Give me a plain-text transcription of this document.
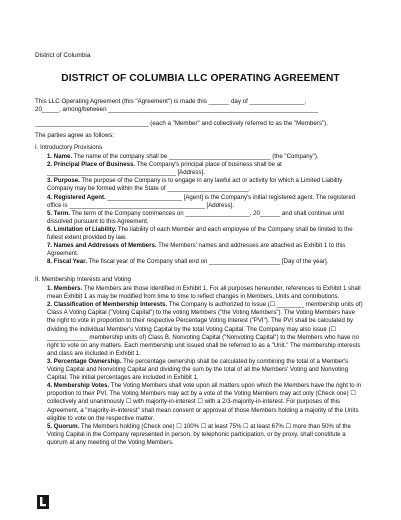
District of Columbia
DISTRICT OF COLUMBIA LLC OPERATING AGREEMENT

This LLC Operating Agreement (this "Agreement") is made this ______ day of ________________,

20_____, among/between _____________________________________________________________

_________________________________ (each a "Member" and collectively referred to as the "Members").

The parties agree as follows:

I. Introductory Provisions

1. Name. The name of the company shall be ______________________________ (the "Company").

2. Principal Place of Business. The Company's principal place of business shall be at ______________________________________ [Address].

3. Purpose. The purpose of the Company is to engage in any lawful act or activity for which a Limited Liability Company may be formed within the State of ________________________.

4. Registered Agent. ______________________ [Agent] is the Company's initial registered agent. The registered office is ________________________________________ [Address].

5. Term. The term of the Company commences on ___________________, 20______ and shall continue until dissolved pursuant to this Agreement.

6. Limitation of Liability. The liability of each Member and each employee of the Company shall be limited to the fullest extent provided by law.

7. Names and Addresses of Members. The Members' names and addresses are attached as Exhibit 1 to this Agreement.

8. Fiscal Year. The fiscal year of the Company shall end on _____________________ [Day of the year].

II. Membership Interests and Voting

1. Members. The Members are those identified in Exhibit 1. For all purposes hereunder, references to Exhibit 1 shall mean Exhibit 1 as may be modified from time to time to reflect changes in Members, Units and contributions.

2. Classification of Membership Interests. The Company is authorized to issue (☐ ________ membership units of) Class A Voting Capital ("Voting Capital") to the voting Members ("the Voting Members"). The Voting Members have the right to vote in proportion to their respective Percentage Voting Interest ("PVI"). The PVI shall be calculated by dividing the individual Member's Voting Capital by the total Voting Capital. The Company may also issue (☐ ____________ membership units of) Class B, Nonvoting Capital ("Nonvoting Capital") to the Members who have no right to vote on any matters. Each membership unit issued shall be referred to as a "Unit." The membership interests and class are included in Exhibit 1.

3. Percentage Ownership. The percentage ownership shall be calculated by combining the total of a Member's Voting Capital and Nonvoting Capital and dividing the sum by the total of all the Members' Voting and Nonvoting Capital. The initial percentages are included in Exhibit 1.

4. Membership Votes. The Voting Members shall vote upon all matters upon which the Members have the right to in proportion to their PVI. The Voting Members may act by a vote of the Voting Members may act only (Check one) ☐ collectively and unanimously ☐ with majority-in-interest ☐ with a 2/3-majority-in-interest. For purposes of this Agreement, a "majority-in-interest" shall mean consent or approval of those Members holding a majority of the Units eligible to vote on the respective matter.

5. Quorum. The Members holding (Check one) ☐ 100% ☐ at least 75% ☐ at least 67% ☐ more than 50% of the Voting Capital in the Company represented in person, by telephonic participation, or by proxy, shall constitute a quorum at any meeting of the Voting Members.
